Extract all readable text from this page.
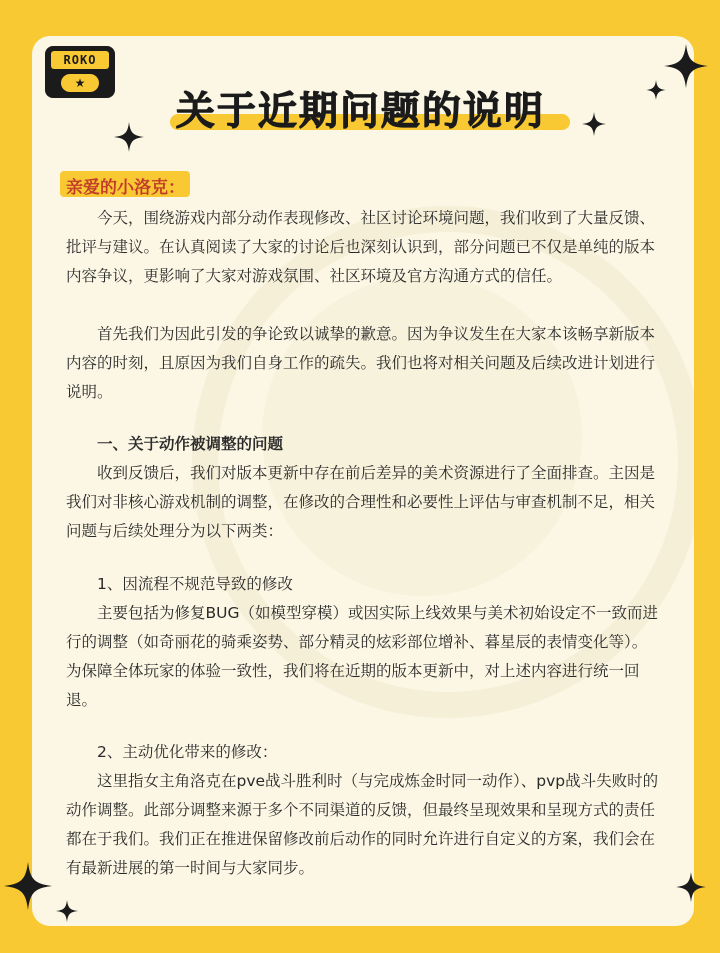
ROKO
★
关于近期问题的说明
亲爱的小洛克：
今天，围绕游戏内部分动作表现修改、社区讨论环境问题，我们收到了大量反馈、批评与建议。在认真阅读了大家的讨论后也深刻认识到，部分问题已不仅是单纯的版本内容争议，更影响了大家对游戏氛围、社区环境及官方沟通方式的信任。
首先我们为因此引发的争论致以诚挚的歉意。因为争议发生在大家本该畅享新版本内容的时刻，且原因为我们自身工作的疏失。我们也将对相关问题及后续改进计划进行说明。
一、关于动作被调整的问题
收到反馈后，我们对版本更新中存在前后差异的美术资源进行了全面排查。主因是我们对非核心游戏机制的调整，在修改的合理性和必要性上评估与审查机制不足，相关问题与后续处理分为以下两类：
1、因流程不规范导致的修改
主要包括为修复BUG（如模型穿模）或因实际上线效果与美术初始设定不一致而进行的调整（如奇丽花的骑乘姿势、部分精灵的炫彩部位增补、暮星辰的表情变化等）。为保障全体玩家的体验一致性，我们将在近期的版本更新中，对上述内容进行统一回退。
2、主动优化带来的修改：
这里指女主角洛克在pve战斗胜利时（与完成炼金时同一动作）、pvp战斗失败时的动作调整。此部分调整来源于多个不同渠道的反馈，但最终呈现效果和呈现方式的责任都在于我们。我们正在推进保留修改前后动作的同时允许进行自定义的方案，我们会在有最新进展的第一时间与大家同步。
